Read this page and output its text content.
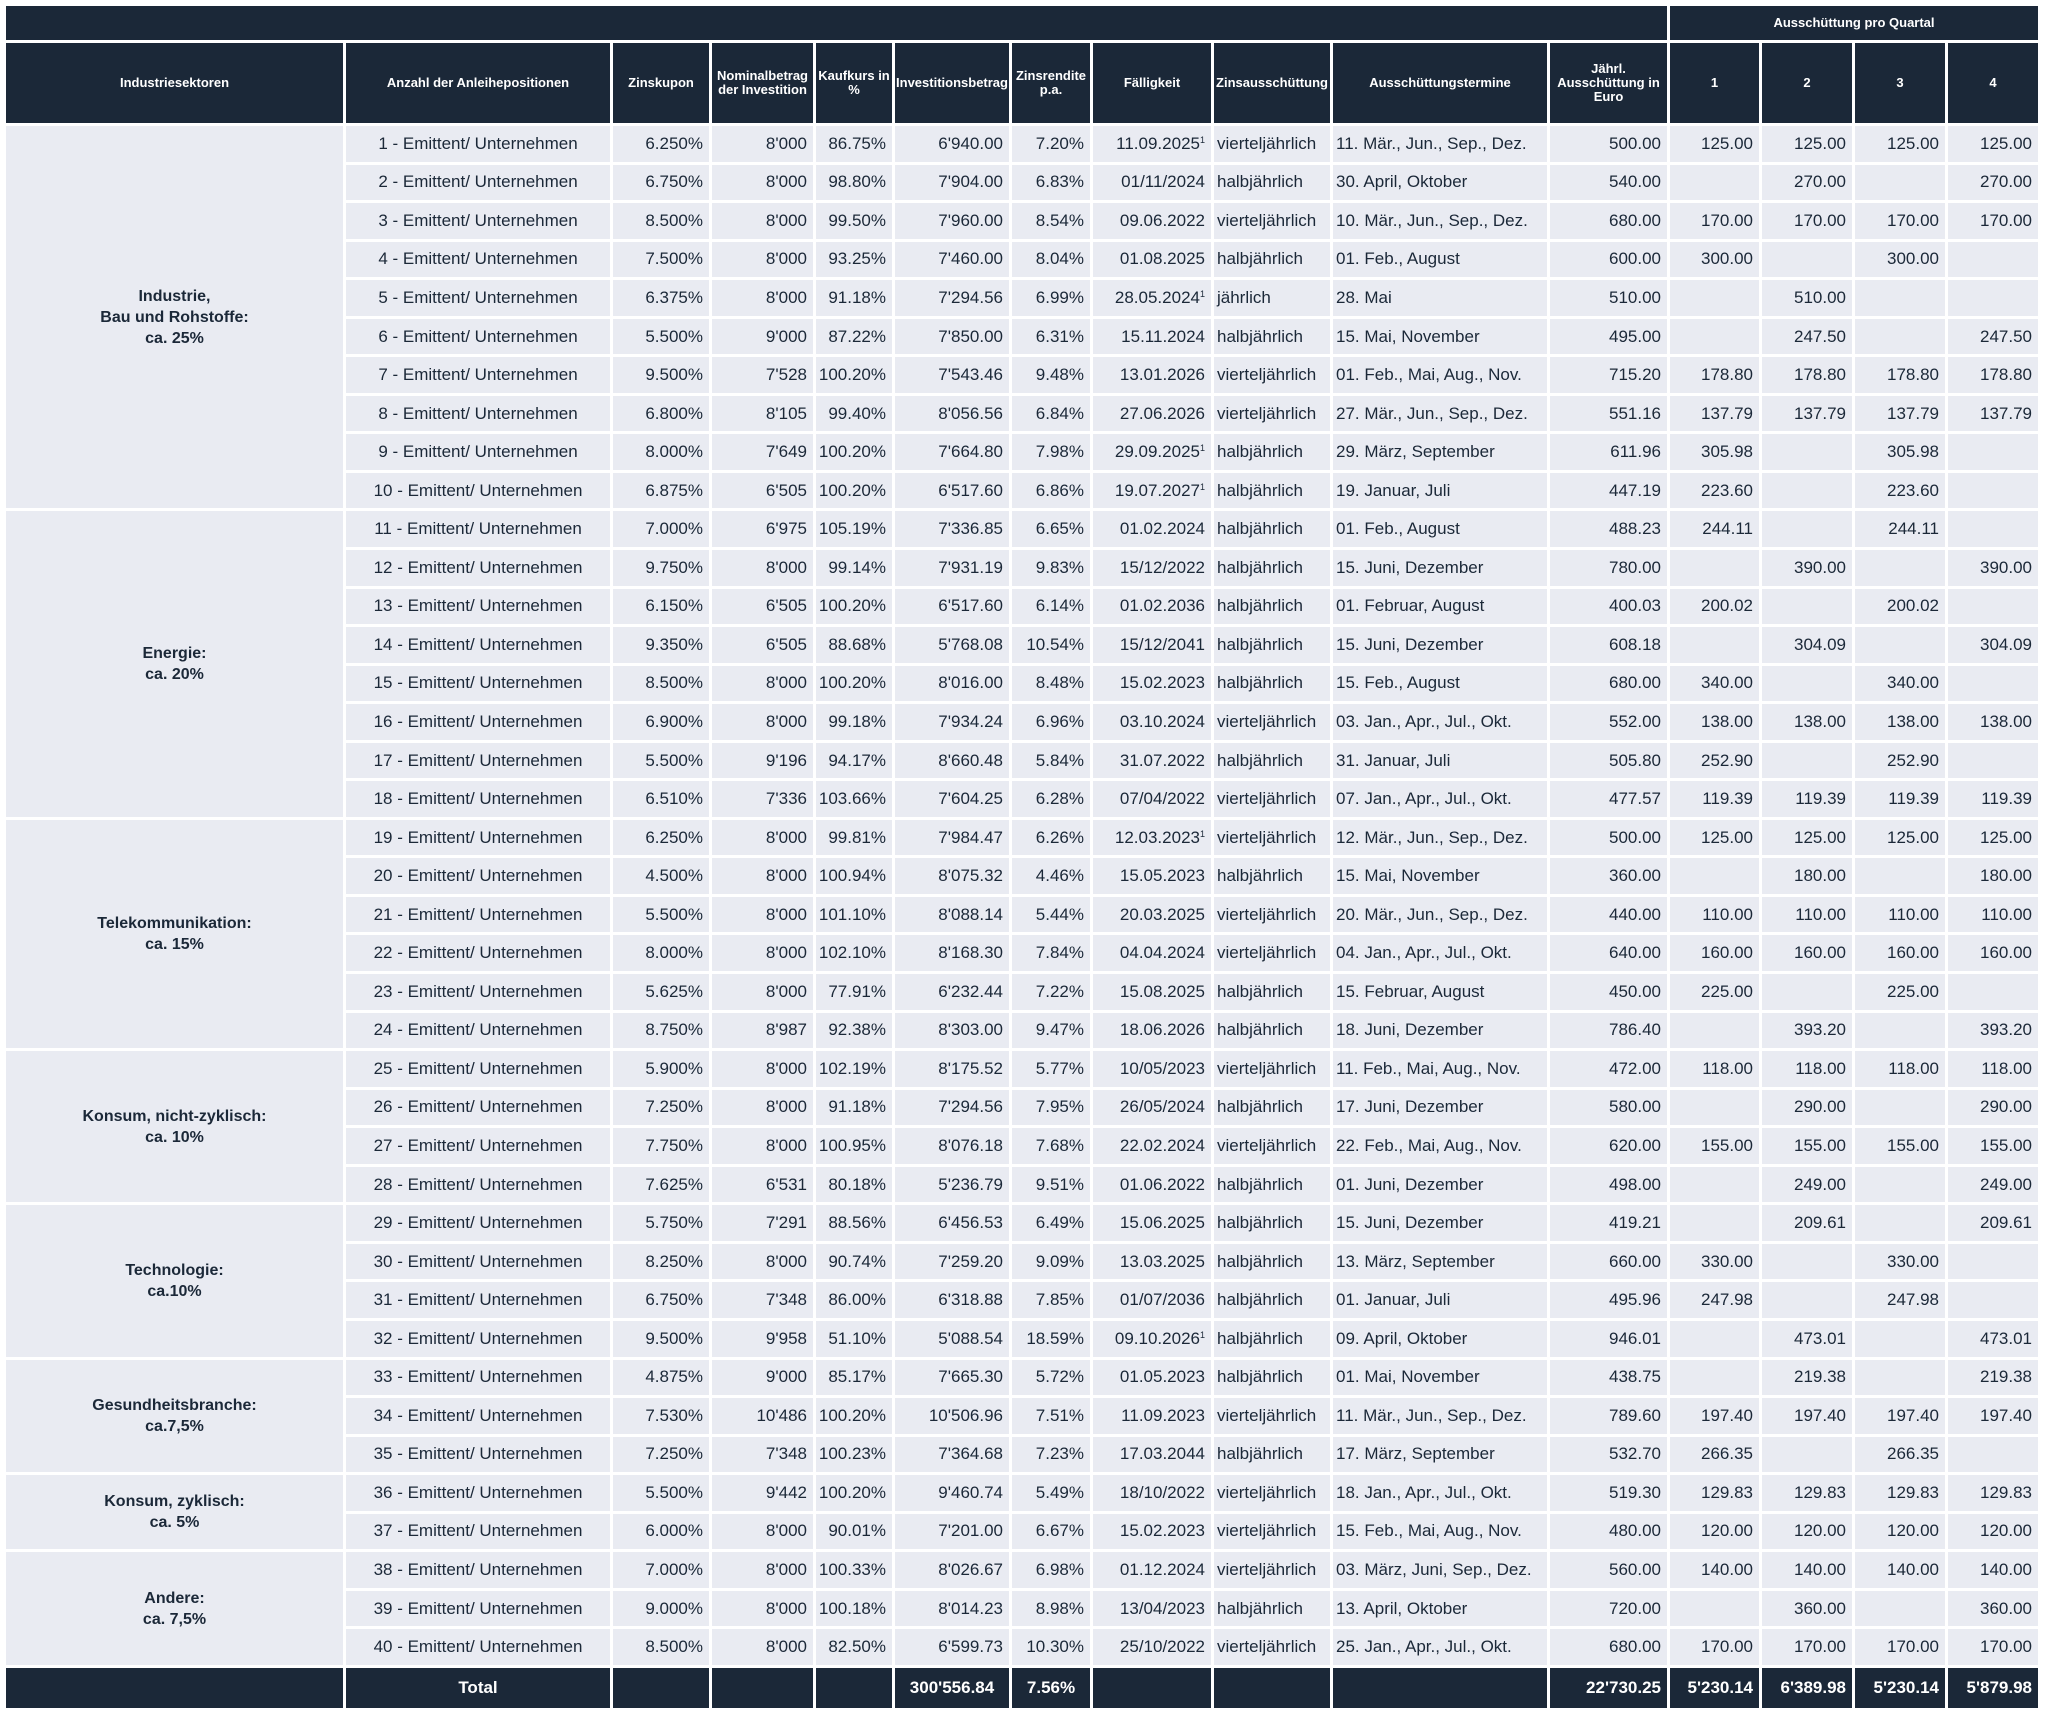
											Ausschüttung pro Quartal			
Industriesektoren	Anzahl der Anleihepositionen	Zinskupon	Nominalbetrag der Investition	Kaufkurs in %	Investitionsbetrag	Zinsrendite p.a.	Fälligkeit	Zinsausschüttung	Ausschüttungstermine	Jährl. Ausschüttung in Euro	1	2	3	4
Industrie,
Bau und Rohstoffe:
ca. 25%	1 - Emittent/ Unternehmen	6.250%	8'000	86.75%	6'940.00	7.20%	11.09.2025$^1$	vierteljährlich	11. Mär., Jun., Sep., Dez.	500.00	125.00	125.00	125.00	125.00
	2 - Emittent/ Unternehmen	6.750%	8'000	98.80%	7'904.00	6.83%	01/11/2024	halbjährlich	30. April, Oktober	540.00		270.00		270.00
	3 - Emittent/ Unternehmen	8.500%	8'000	99.50%	7'960.00	8.54%	09.06.2022	vierteljährlich	10. Mär., Jun., Sep., Dez.	680.00	170.00	170.00	170.00	170.00
	4 - Emittent/ Unternehmen	7.500%	8'000	93.25%	7'460.00	8.04%	01.08.2025	halbjährlich	01. Feb., August	600.00	300.00		300.00	
	5 - Emittent/ Unternehmen	6.375%	8'000	91.18%	7'294.56	6.99%	28.05.2024$^1$	jährlich	28. Mai	510.00		510.00		
	6 - Emittent/ Unternehmen	5.500%	9'000	87.22%	7'850.00	6.31%	15.11.2024	halbjährlich	15. Mai, November	495.00		247.50		247.50
	7 - Emittent/ Unternehmen	9.500%	7'528	100.20%	7'543.46	9.48%	13.01.2026	vierteljährlich	01. Feb., Mai, Aug., Nov.	715.20	178.80	178.80	178.80	178.80
	8 - Emittent/ Unternehmen	6.800%	8'105	99.40%	8'056.56	6.84%	27.06.2026	vierteljährlich	27. Mär., Jun., Sep., Dez.	551.16	137.79	137.79	137.79	137.79
	9 - Emittent/ Unternehmen	8.000%	7'649	100.20%	7'664.80	7.98%	29.09.2025$^1$	halbjährlich	29. März, September	611.96	305.98		305.98	
	10 - Emittent/ Unternehmen	6.875%	6'505	100.20%	6'517.60	6.86%	19.07.2027$^1$	halbjährlich	19. Januar, Juli	447.19	223.60		223.60	
Energie:
ca. 20%	11 - Emittent/ Unternehmen	7.000%	6'975	105.19%	7'336.85	6.65%	01.02.2024	halbjährlich	01. Feb., August	488.23	244.11		244.11	
	12 - Emittent/ Unternehmen	9.750%	8'000	99.14%	7'931.19	9.83%	15/12/2022	halbjährlich	15. Juni, Dezember	780.00		390.00		390.00
	13 - Emittent/ Unternehmen	6.150%	6'505	100.20%	6'517.60	6.14%	01.02.2036	halbjährlich	01. Februar, August	400.03	200.02		200.02	
	14 - Emittent/ Unternehmen	9.350%	6'505	88.68%	5'768.08	10.54%	15/12/2041	halbjährlich	15. Juni, Dezember	608.18		304.09		304.09
	15 - Emittent/ Unternehmen	8.500%	8'000	100.20%	8'016.00	8.48%	15.02.2023	halbjährlich	15. Feb., August	680.00	340.00		340.00	
	16 - Emittent/ Unternehmen	6.900%	8'000	99.18%	7'934.24	6.96%	03.10.2024	vierteljährlich	03. Jan., Apr., Jul., Okt.	552.00	138.00	138.00	138.00	138.00
	17 - Emittent/ Unternehmen	5.500%	9'196	94.17%	8'660.48	5.84%	31.07.2022	halbjährlich	31. Januar, Juli	505.80	252.90		252.90	
	18 - Emittent/ Unternehmen	6.510%	7'336	103.66%	7'604.25	6.28%	07/04/2022	vierteljährlich	07. Jan., Apr., Jul., Okt.	477.57	119.39	119.39	119.39	119.39
Telekommunikation:
ca. 15%	19 - Emittent/ Unternehmen	6.250%	8'000	99.81%	7'984.47	6.26%	12.03.2023$^1$	vierteljährlich	12. Mär., Jun., Sep., Dez.	500.00	125.00	125.00	125.00	125.00
	20 - Emittent/ Unternehmen	4.500%	8'000	100.94%	8'075.32	4.46%	15.05.2023	halbjährlich	15. Mai, November	360.00		180.00		180.00
	21 - Emittent/ Unternehmen	5.500%	8'000	101.10%	8'088.14	5.44%	20.03.2025	vierteljährlich	20. Mär., Jun., Sep., Dez.	440.00	110.00	110.00	110.00	110.00
	22 - Emittent/ Unternehmen	8.000%	8'000	102.10%	8'168.30	7.84%	04.04.2024	vierteljährlich	04. Jan., Apr., Jul., Okt.	640.00	160.00	160.00	160.00	160.00
	23 - Emittent/ Unternehmen	5.625%	8'000	77.91%	6'232.44	7.22%	15.08.2025	halbjährlich	15. Februar, August	450.00	225.00		225.00	
	24 - Emittent/ Unternehmen	8.750%	8'987	92.38%	8'303.00	9.47%	18.06.2026	halbjährlich	18. Juni, Dezember	786.40		393.20		393.20
Konsum, nicht-zyklisch:
ca. 10%	25 - Emittent/ Unternehmen	5.900%	8'000	102.19%	8'175.52	5.77%	10/05/2023	vierteljährlich	11. Feb., Mai, Aug., Nov.	472.00	118.00	118.00	118.00	118.00
	26 - Emittent/ Unternehmen	7.250%	8'000	91.18%	7'294.56	7.95%	26/05/2024	halbjährlich	17. Juni, Dezember	580.00		290.00		290.00
	27 - Emittent/ Unternehmen	7.750%	8'000	100.95%	8'076.18	7.68%	22.02.2024	vierteljährlich	22. Feb., Mai, Aug., Nov.	620.00	155.00	155.00	155.00	155.00
	28 - Emittent/ Unternehmen	7.625%	6'531	80.18%	5'236.79	9.51%	01.06.2022	halbjährlich	01. Juni, Dezember	498.00		249.00		249.00
Technologie:
ca.10%	29 - Emittent/ Unternehmen	5.750%	7'291	88.56%	6'456.53	6.49%	15.06.2025	halbjährlich	15. Juni, Dezember	419.21		209.61		209.61
	30 - Emittent/ Unternehmen	8.250%	8'000	90.74%	7'259.20	9.09%	13.03.2025	halbjährlich	13. März, September	660.00	330.00		330.00	
	31 - Emittent/ Unternehmen	6.750%	7'348	86.00%	6'318.88	7.85%	01/07/2036	halbjährlich	01. Januar, Juli	495.96	247.98		247.98	
	32 - Emittent/ Unternehmen	9.500%	9'958	51.10%	5'088.54	18.59%	09.10.2026$^1$	halbjährlich	09. April, Oktober	946.01		473.01		473.01
Gesundheitsbranche:
ca.7,5%	33 - Emittent/ Unternehmen	4.875%	9'000	85.17%	7'665.30	5.72%	01.05.2023	halbjährlich	01. Mai, November	438.75		219.38		219.38
	34 - Emittent/ Unternehmen	7.530%	10'486	100.20%	10'506.96	7.51%	11.09.2023	vierteljährlich	11. Mär., Jun., Sep., Dez.	789.60	197.40	197.40	197.40	197.40
	35 - Emittent/ Unternehmen	7.250%	7'348	100.23%	7'364.68	7.23%	17.03.2044	halbjährlich	17. März, September	532.70	266.35		266.35	
Konsum, zyklisch:
ca. 5%	36 - Emittent/ Unternehmen	5.500%	9'442	100.20%	9'460.74	5.49%	18/10/2022	vierteljährlich	18. Jan., Apr., Jul., Okt.	519.30	129.83	129.83	129.83	129.83
	37 - Emittent/ Unternehmen	6.000%	8'000	90.01%	7'201.00	6.67%	15.02.2023	vierteljährlich	15. Feb., Mai, Aug., Nov.	480.00	120.00	120.00	120.00	120.00
Andere:
ca. 7,5%	38 - Emittent/ Unternehmen	7.000%	8'000	100.33%	8'026.67	6.98%	01.12.2024	vierteljährlich	03. März, Juni, Sep., Dez.	560.00	140.00	140.00	140.00	140.00
	39 - Emittent/ Unternehmen	9.000%	8'000	100.18%	8'014.23	8.98%	13/04/2023	halbjährlich	13. April, Oktober	720.00		360.00		360.00
	40 - Emittent/ Unternehmen	8.500%	8'000	82.50%	6'599.73	10.30%	25/10/2022	vierteljährlich	25. Jan., Apr., Jul., Okt.	680.00	170.00	170.00	170.00	170.00
	Total				300'556.84	7.56%				22'730.25	5'230.14	6'389.98	5'230.14	5'879.98
